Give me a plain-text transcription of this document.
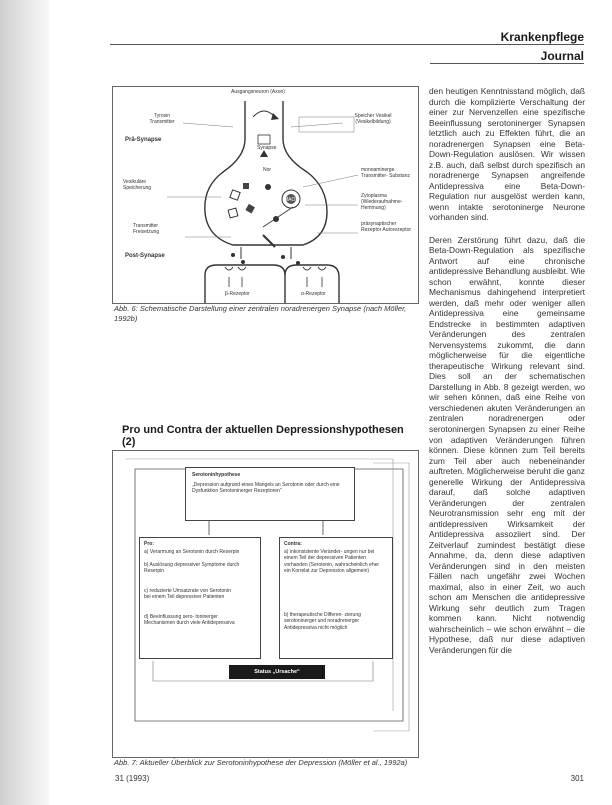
Krankenpflege
Journal
Ausgangsneuron (Axon)
Tyrosin Transmitter
Speicher Vesikel (Vesikelbildung)
Prä-Synapse
Synapse
Nor
MAO
Vesikuläre Speicherung
monoaminerge Transmitter- Substanz
Zytoplasma (Wiederaufnahme- Hemmung)
Transmitter Freisetzung
präsynaptischer Rezeptor Autorezeptor
Post-Synapse
β-Rezeptor	α-Rezeptor
Abb. 6: Schematische Darstellung einer zentralen noradrenergen Synapse (nach Möller, 1992b)
Pro und Contra der aktuellen Depressionshypothesen (2)
Serotoninhypothese
„Depression aufgrund eines Mangels an Serotonin oder durch eine Dysfunktion Serotoninerger Rezeptoren“
Pro:
a) Verarmung an Serotonin durch Reserpin
b) Auslösung depressiver Symptome durch Reserpin
c) reduzierte Umsatzrate von Serotonin bei einem Teil depressiver Patienten
d) Beeinflussung sero- toninerger Mechanismen durch viele Antidepressiva
Contra:
a) inkonsistente Veränder- ungen nur bei einem Teil der depressiven Patienten vorhanden (Serotonin, wahrscheinlich eher ein Korrelat zur Depression allgemein)
b) therapeutische Differen- zierung serotoninerger und noradrenerger Antidepressiva nicht möglich
Status „Ursache“
Abb. 7: Aktueller Überblick zur Serotoninhypothese der Depression (Möller et al., 1992a)

den heutigen Kenntnisstand möglich, daß durch die komplizierte Verschaltung der einer zur Nervenzellen eine spezifische Beeinflussung serotoninerger Synapsen letztlich auch zu Effekten führt, die an noradrenergen Synapsen eine Beta-Down-Regulation auslösen. Wir wissen z.B. auch, daß selbst durch spezifisch an noradrenerge Synapsen angreifende Antidepressiva eine Beta-Down-Regulation nur ausgelöst werden kann, wenn intakte serotoninerge Neurone vorhanden sind.

Deren Zerstörung führt dazu, daß die Beta-Down-Regulation als spezifische Antwort auf eine chronische antidepressive Behandlung ausbleibt. Wie schon erwähnt, konnte dieser Mechanismus dahingehend interpretiert werden, daß mehr oder weniger allen Antidepressiva eine gemeinsame Endstrecke in bestimmten adaptiven Veränderungen des zentralen Nervensystems zukommt, die dann möglicherweise für die eigentliche therapeutische Wirkung relevant sind. Dies soll an der schematischen Darstellung in Abb. 8 gezeigt werden, wo wir sehen können, daß eine Reihe von verschiedenen akuten Veränderungen an zentralen noradrenergen oder serotoninergen Synapsen zu einer Reihe von adaptiven Veränderungen führen können. Diese können zum Teil bereits zum Teil aber auch nebeneinander auftreten. Möglicherweise beruht die ganz generelle Wirkung der Antidepressiva darauf, daß solche adaptiven Veränderungen der zentralen Neurotransmission sehr eng mit der antidepressiven Wirksamkeit der Antidepressiva assoziiert sind. Der Zeitverlauf zumindest bestätigt diese Annahme, da, denn diese adaptiven Veränderungen sind in den meisten Fällen nach ungefähr zwei Wochen maximal, also in einer Zeit, wo auch schon am Menschen die antidepressive Wirkung sehr deutlich zum Tragen kommen kann. Nicht notwendig wahrscheinlich – wie schon erwähnt – die Hypothese, daß nur diese adaptiven Veränderungen für die

31 (1993)	301
